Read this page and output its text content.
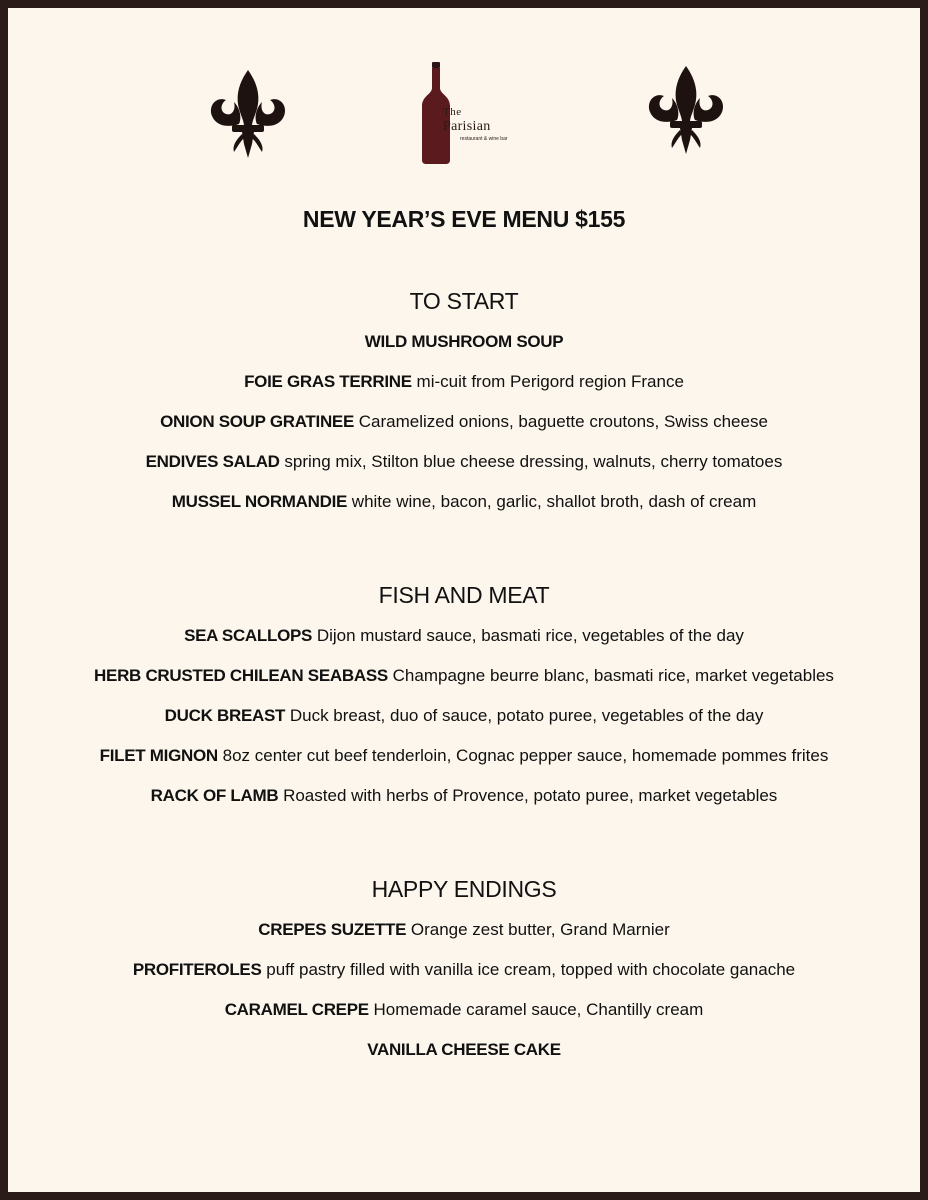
The
Parisian
restaurant & wine bar
NEW YEAR’S EVE MENU $155
TO START
WILD MUSHROOM SOUP
FOIE GRAS TERRINE mi-cuit from Perigord region France
ONION SOUP GRATINEE Caramelized onions, baguette croutons, Swiss cheese
ENDIVES SALAD spring mix, Stilton blue cheese dressing, walnuts, cherry tomatoes
MUSSEL NORMANDIE white wine, bacon, garlic, shallot broth, dash of cream
FISH AND MEAT
SEA SCALLOPS Dijon mustard sauce, basmati rice, vegetables of the day
HERB CRUSTED CHILEAN SEABASS Champagne beurre blanc, basmati rice, market vegetables
DUCK BREAST Duck breast, duo of sauce, potato puree, vegetables of the day
FILET MIGNON 8oz center cut beef tenderloin, Cognac pepper sauce, homemade pommes frites
RACK OF LAMB Roasted with herbs of Provence, potato puree, market vegetables
HAPPY ENDINGS
CREPES SUZETTE Orange zest butter, Grand Marnier
PROFITEROLES puff pastry filled with vanilla ice cream, topped with chocolate ganache
CARAMEL CREPE Homemade caramel sauce, Chantilly cream
VANILLA CHEESE CAKE
